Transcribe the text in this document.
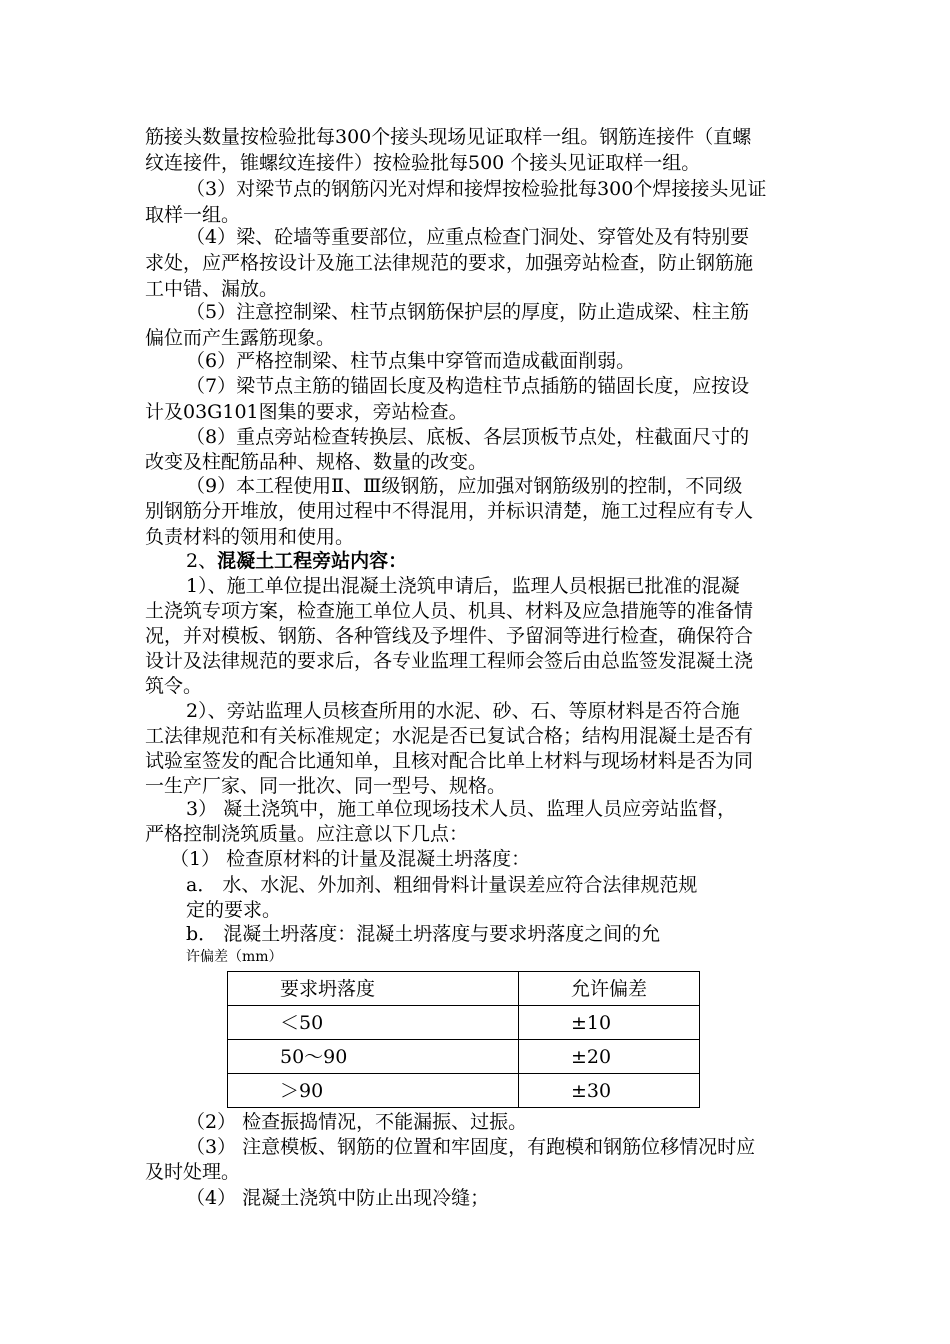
筋接头数量按检验批每300个接头现场见证取样一组。钢筋连接件（直螺
纹连接件，锥螺纹连接件）按检验批每500 个接头见证取样一组。
（3）对梁节点的钢筋闪光对焊和接焊按检验批每300个焊接接头见证
取样一组。
（4）梁、砼墙等重要部位，应重点检查门洞处、穿管处及有特别要
求处，应严格按设计及施工法律规范的要求，加强旁站检查，防止钢筋施
工中错、漏放。
（5）注意控制梁、柱节点钢筋保护层的厚度，防止造成梁、柱主筋
偏位而产生露筋现象。
（6）严格控制梁、柱节点集中穿管而造成截面削弱。
（7）梁节点主筋的锚固长度及构造柱节点插筋的锚固长度，应按设
计及03G101图集的要求，旁站检查。
（8）重点旁站检查转换层、底板、各层顶板节点处，柱截面尺寸的
改变及柱配筋品种、规格、数量的改变。
（9）本工程使用Ⅱ、Ⅲ级钢筋，应加强对钢筋级别的控制，不同级
别钢筋分开堆放，使用过程中不得混用，并标识清楚，施工过程应有专人
负责材料的领用和使用。
2、混凝土工程旁站内容：
1）、施工单位提出混凝土浇筑申请后，监理人员根据已批准的混凝
土浇筑专项方案，检查施工单位人员、机具、材料及应急措施等的准备情
况，并对模板、钢筋、各种管线及予埋件、予留洞等进行检查，确保符合
设计及法律规范的要求后，各专业监理工程师会签后由总监签发混凝土浇
筑令。
2）、旁站监理人员核查所用的水泥、砂、石、等原材料是否符合施
工法律规范和有关标准规定；水泥是否已复试合格；结构用混凝土是否有
试验室签发的配合比通知单，且核对配合比单上材料与现场材料是否为同
一生产厂家、同一批次、同一型号、规格。
3） 凝土浇筑中，施工单位现场技术人员、监理人员应旁站监督，
严格控制浇筑质量。应注意以下几点：
（1） 检查原材料的计量及混凝土坍落度：
a． 水、水泥、外加剂、粗细骨料计量误差应符合法律规范规
定的要求。
b． 混凝土坍落度：混凝土坍落度与要求坍落度之间的允
许偏差（mm）
要求坍落度	允许偏差
＜50	±10
50～90	±20
＞90	±30
（2） 检查振捣情况，不能漏振、过振。
（3） 注意模板、钢筋的位置和牢固度，有跑模和钢筋位移情况时应
及时处理。
（4） 混凝土浇筑中防止出现冷缝；
